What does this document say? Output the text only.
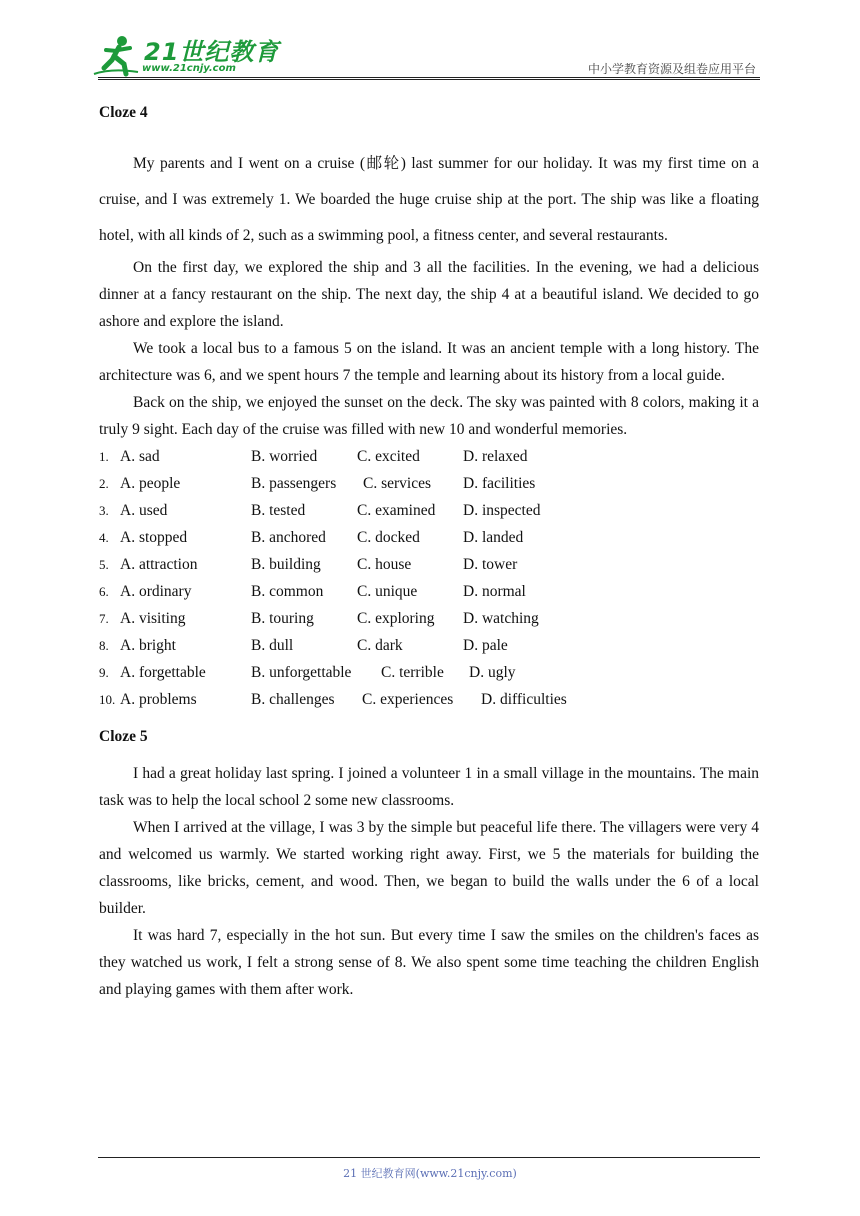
21世纪教育
www.21cnjy.com	中小学教育资源及组卷应用平台
Cloze 4

My parents and I went on a cruise (邮轮) last summer for our holiday. It was my first time on a cruise, and I was extremely 1. We boarded the huge cruise ship at the port. The ship was like a floating hotel, with all kinds of 2, such as a swimming pool, a fitness center, and several restaurants.

On the first day, we explored the ship and 3 all the facilities. In the evening, we had a delicious dinner at a fancy restaurant on the ship. The next day, the ship 4 at a beautiful island. We decided to go ashore and explore the island.

We took a local bus to a famous 5 on the island. It was an ancient temple with a long history. The architecture was 6, and we spent hours 7 the temple and learning about its history from a local guide.

Back on the ship, we enjoyed the sunset on the deck. The sky was painted with 8 colors, making it a truly 9 sight. Each day of the cruise was filled with new 10 and wonderful memories.

1. A. sad	B. worried	C. excited	D. relaxed
2. A. people	B. passengers	C. services	D. facilities
3. A. used	B. tested	C. examined	D. inspected
4. A. stopped	B. anchored	C. docked	D. landed
5. A. attraction	B. building	C. house	D. tower
6. A. ordinary	B. common	C. unique	D. normal
7. A. visiting	B. touring	C. exploring	D. watching
8. A. bright	B. dull	C. dark	D. pale
9. A. forgettable	B. unforgettable	C. terrible	D. ugly
10. A. problems	B. challenges	C. experiences	D. difficulties
Cloze 5

I had a great holiday last spring. I joined a volunteer 1 in a small village in the mountains. The main task was to help the local school 2 some new classrooms.

When I arrived at the village, I was 3 by the simple but peaceful life there. The villagers were very 4 and welcomed us warmly. We started working right away. First, we 5 the materials for building the classrooms, like bricks, cement, and wood. Then, we began to build the walls under the 6 of a local builder.

It was hard 7, especially in the hot sun. But every time I saw the smiles on the children's faces as they watched us work, I felt a strong sense of 8. We also spent some time teaching the children English and playing games with them after work.

21 世纪教育网(www.21cnjy.com)
